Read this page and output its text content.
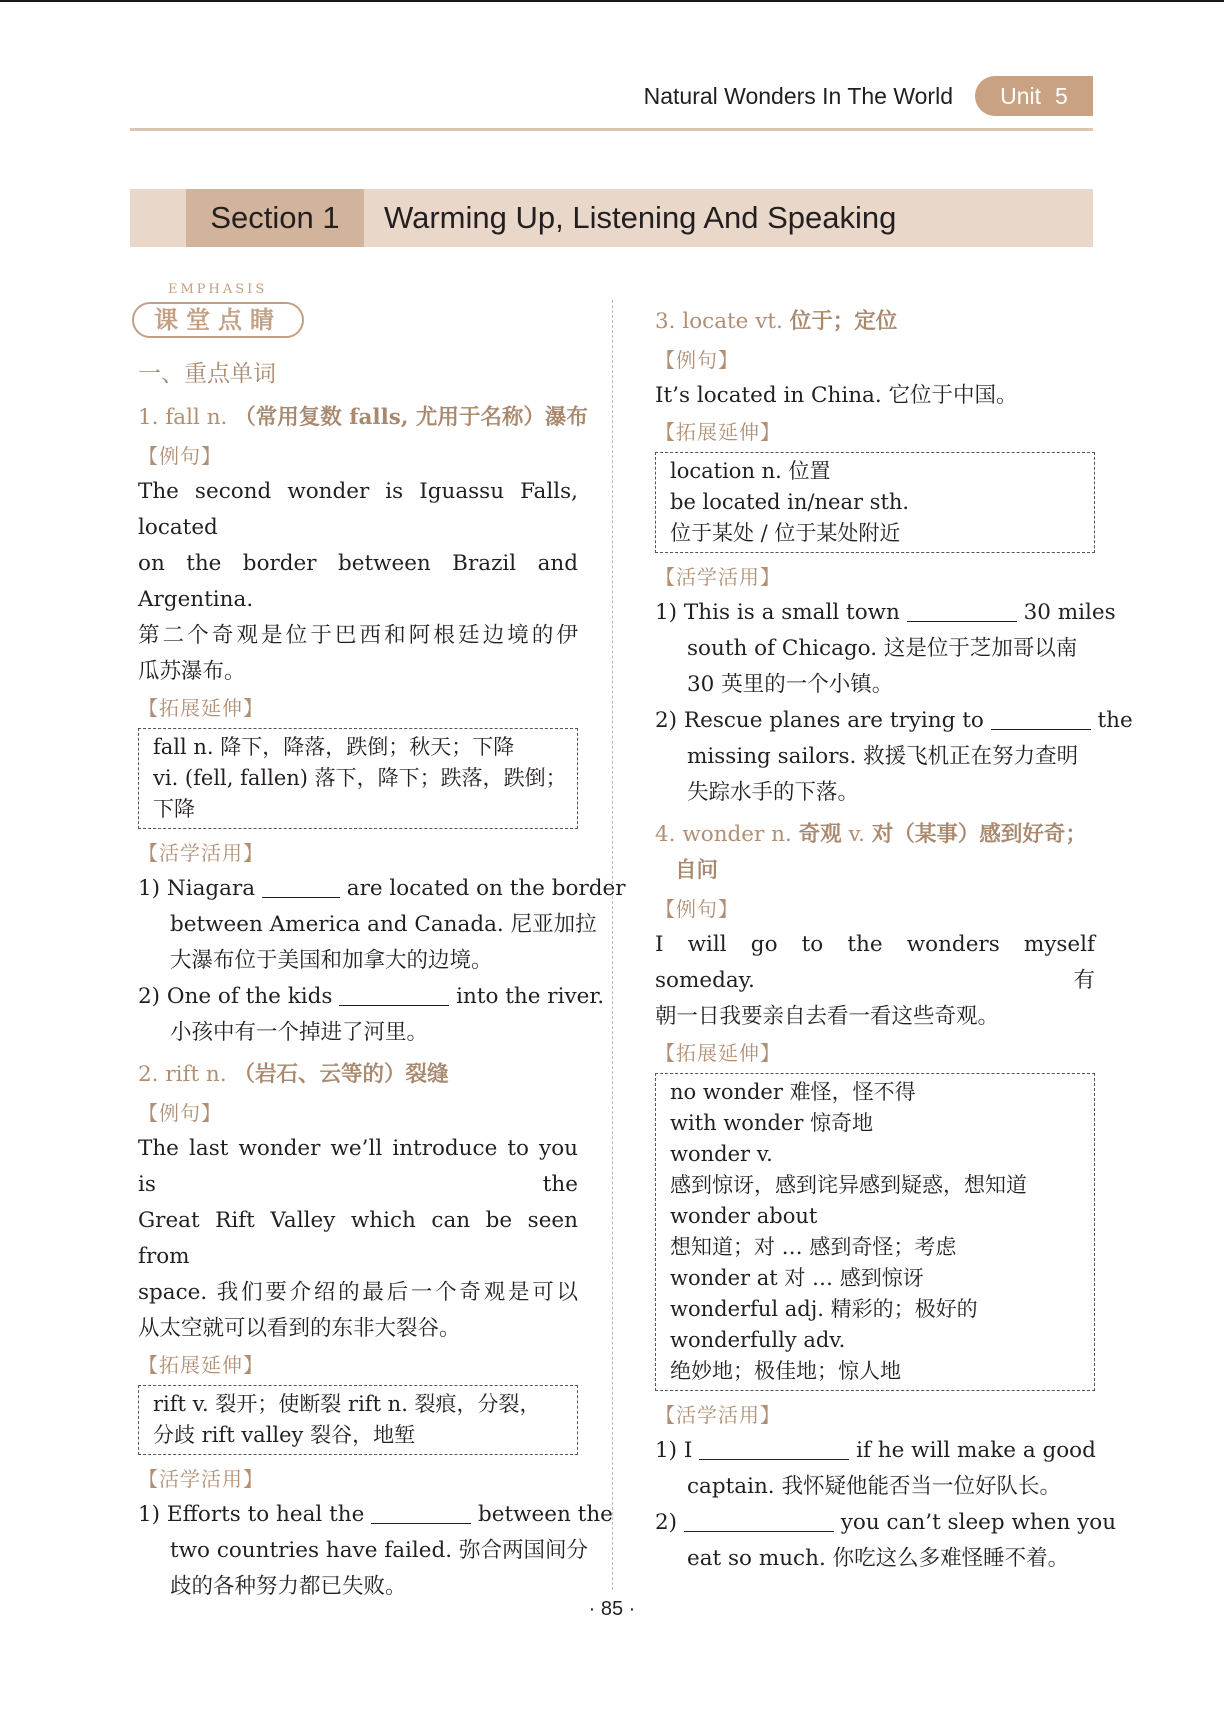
Natural Wonders In The World Unit 5
Section 1	Warming Up, Listening And Speaking
EMPHASIS
课堂点睛
一、重点单词
1. fall n. （常用复数 falls, 尤用于名称）瀑布
【例句】
The second wonder is Iguassu Falls, located
on the border between Brazil and Argentina.
第二个奇观是位于巴西和阿根廷边境的伊
瓜苏瀑布。
【拓展延伸】
fall n. 降下，降落，跌倒；秋天；下降
vi. (fell, fallen) 落下，降下；跌落，跌倒；
下降
【活学活用】
1) Niagara	are located on the border
between America and Canada. 尼亚加拉
大瀑布位于美国和加拿大的边境。
2) One of the kids	into the river.
小孩中有一个掉进了河里。
2. rift n. （岩石、云等的）裂缝
【例句】
The last wonder we’ll introduce to you is the
Great Rift Valley which can be seen from
space. 我们要介绍的最后一个奇观是可以
从太空就可以看到的东非大裂谷。
【拓展延伸】
rift v. 裂开；使断裂 rift n. 裂痕，分裂，
分歧 rift valley 裂谷，地堑
【活学活用】
1) Efforts to heal the	between the
two countries have failed. 弥合两国间分
歧的各种努力都已失败。
3. locate vt. 位于；定位
【例句】
It’s located in China. 它位于中国。
【拓展延伸】
location n. 位置
be located in/near sth.
位于某处 / 位于某处附近
【活学活用】
1) This is a small town	30 miles
south of Chicago. 这是位于芝加哥以南
30 英里的一个小镇。
2) Rescue planes are trying to	the
missing sailors. 救援飞机正在努力查明
失踪水手的下落。
4. wonder n. 奇观 v. 对（某事）感到好奇；
自问
【例句】
I will go to the wonders myself someday. 有
朝一日我要亲自去看一看这些奇观。
【拓展延伸】
no wonder 难怪，怪不得
with wonder 惊奇地
wonder v.
感到惊讶，感到诧异感到疑惑，想知道
wonder about
想知道；对 … 感到奇怪；考虑
wonder at 对 … 感到惊讶
wonderful adj. 精彩的；极好的
wonderfully adv.
绝妙地；极佳地；惊人地
【活学活用】
1) I	if he will make a good
captain. 我怀疑他能否当一位好队长。
2)	you can’t sleep when you
eat so much. 你吃这么多难怪睡不着。
· 85 ·
